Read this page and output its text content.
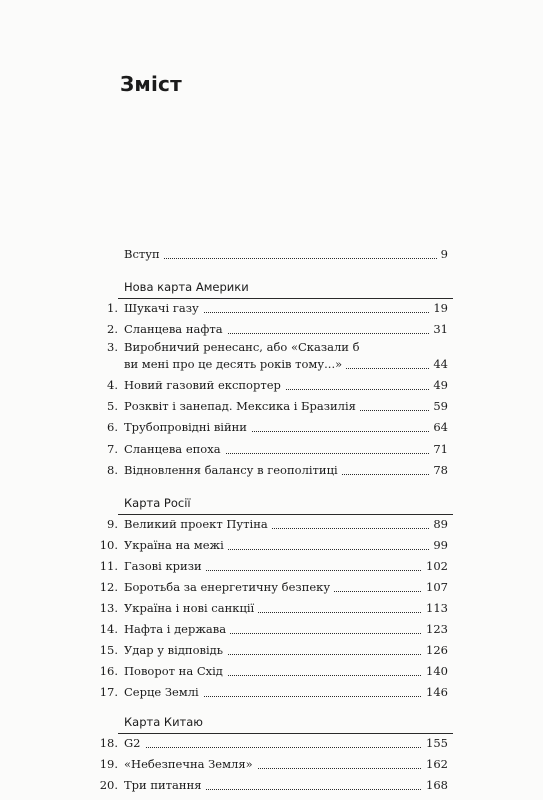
Зміст
Вступ	9
Нова карта Америки
1. Шукачі газу	19
2. Сланцева нафта	31
3. Виробничий ренесанс, або «Сказали б
ви мені про це десять років тому...»	44
4. Новий газовий експортер	49
5. Розквіт і занепад. Мексика і Бразилія	59
6. Трубопровідні війни	64
7. Сланцева епоха	71
8. Відновлення балансу в геополітиці	78
Карта Росії
9. Великий проект Путіна	89
10. Україна на межі	99
11. Газові кризи	102
12. Боротьба за енергетичну безпеку	107
13. Україна і нові санкції	113
14. Нафта і держава	123
15. Удар у відповідь	126
16. Поворот на Схід	140
17. Серце Землі	146
Карта Китаю
18. G2	155
19. «Небезпечна Земля»	162
20. Три питання	168
